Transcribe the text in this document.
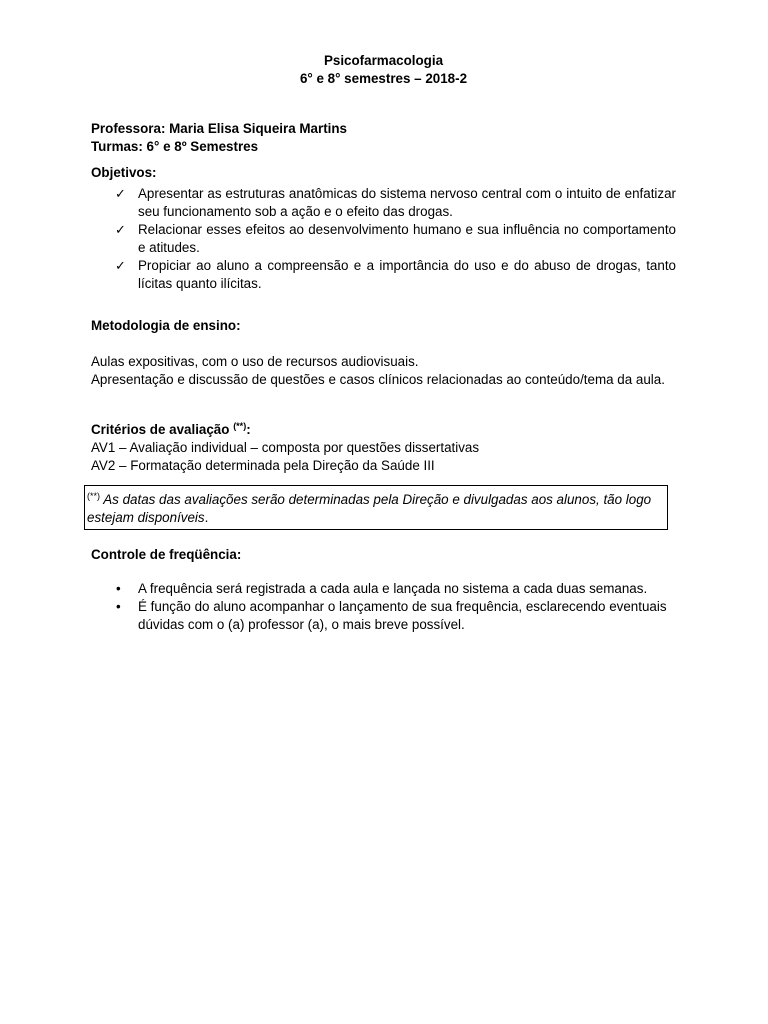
Psicofarmacologia
6° e 8° semestres – 2018-2
Professora: Maria Elisa Siqueira Martins
Turmas: 6° e 8º Semestres
Objetivos:
✓ Apresentar as estruturas anatômicas do sistema nervoso central com o intuito de enfatizar seu funcionamento sob a ação e o efeito das drogas.
✓ Relacionar esses efeitos ao desenvolvimento humano e sua influência no comportamento e atitudes.
✓ Propiciar ao aluno a compreensão e a importância do uso e do abuso de drogas, tanto lícitas quanto ilícitas.
Metodologia de ensino:
Aulas expositivas, com o uso de recursos audiovisuais.
Apresentação e discussão de questões e casos clínicos relacionadas ao conteúdo/tema da aula.
Critérios de avaliação (**):
AV1 – Avaliação individual – composta por questões dissertativas
AV2 – Formatação determinada pela Direção da Saúde III
(**) As datas das avaliações serão determinadas pela Direção e divulgadas aos alunos, tão logo estejam disponíveis.
Controle de freqüência:
• A frequência será registrada a cada aula e lançada no sistema a cada duas semanas.
• É função do aluno acompanhar o lançamento de sua frequência, esclarecendo eventuais dúvidas com o (a) professor (a), o mais breve possível.
